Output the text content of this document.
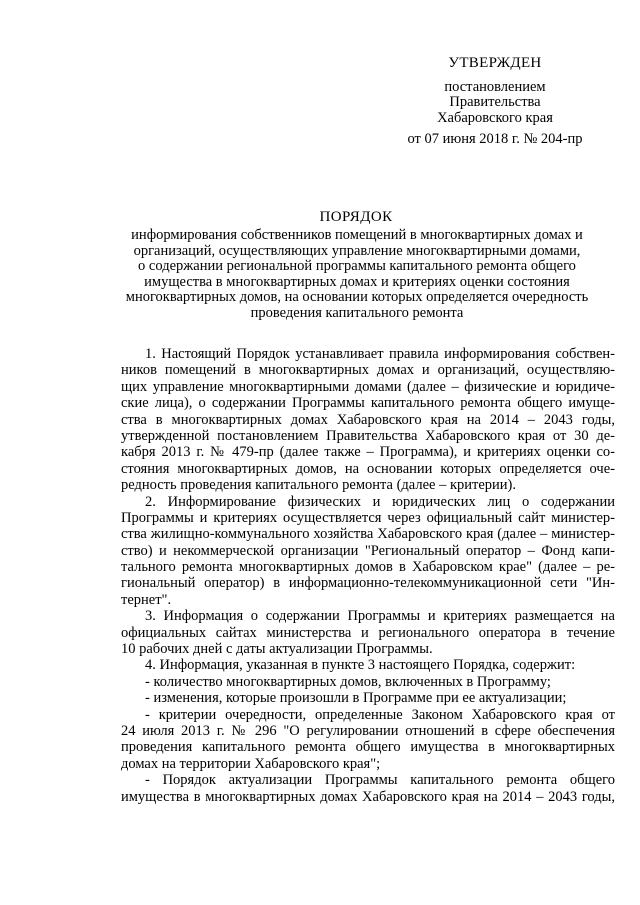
УТВЕРЖДЕН
постановлением
Правительства
Хабаровского края
от 07 июня 2018 г. № 204-пр
ПОРЯДОК
информирования собственников помещений в многоквартирных домах и
организаций, осуществляющих управление многоквартирными домами,
о содержании региональной программы капитального ремонта общего
имущества в многоквартирных домах и критериях оценки состояния
многоквартирных домов, на основании которых определяется очередность
проведения капитального ремонта
1. Настоящий Порядок устанавливает правила информирования собствен-
ников помещений в многоквартирных домах и организаций, осуществляю-
щих управление многоквартирными домами (далее – физические и юридиче-
ские лица), о содержании Программы капитального ремонта общего имуще-
ства в многоквартирных домах Хабаровского края на 2014 – 2043 годы,
утвержденной постановлением Правительства Хабаровского края от 30 де-
кабря 2013 г. № 479-пр (далее также – Программа), и критериях оценки со-
стояния многоквартирных домов, на основании которых определяется оче-
редность проведения капитального ремонта (далее – критерии).
2. Информирование физических и юридических лиц о содержании
Программы и критериях осуществляется через официальный сайт министер-
ства жилищно-коммунального хозяйства Хабаровского края (далее – министер-
ство) и некоммерческой организации "Региональный оператор – Фонд капи-
тального ремонта многоквартирных домов в Хабаровском крае" (далее – ре-
гиональный оператор) в информационно-телекоммуникационной сети "Ин-
тернет".
3. Информация о содержании Программы и критериях размещается на
официальных сайтах министерства и регионального оператора в течение
10 рабочих дней с даты актуализации Программы.
4. Информация, указанная в пункте 3 настоящего Порядка, содержит:
- количество многоквартирных домов, включенных в Программу;
- изменения, которые произошли в Программе при ее актуализации;
- критерии очередности, определенные Законом Хабаровского края от
24 июля 2013 г. № 296 "О регулировании отношений в сфере обеспечения
проведения капитального ремонта общего имущества в многоквартирных
домах на территории Хабаровского края";
- Порядок актуализации Программы капитального ремонта общего
имущества в многоквартирных домах Хабаровского края на 2014 – 2043 годы,
